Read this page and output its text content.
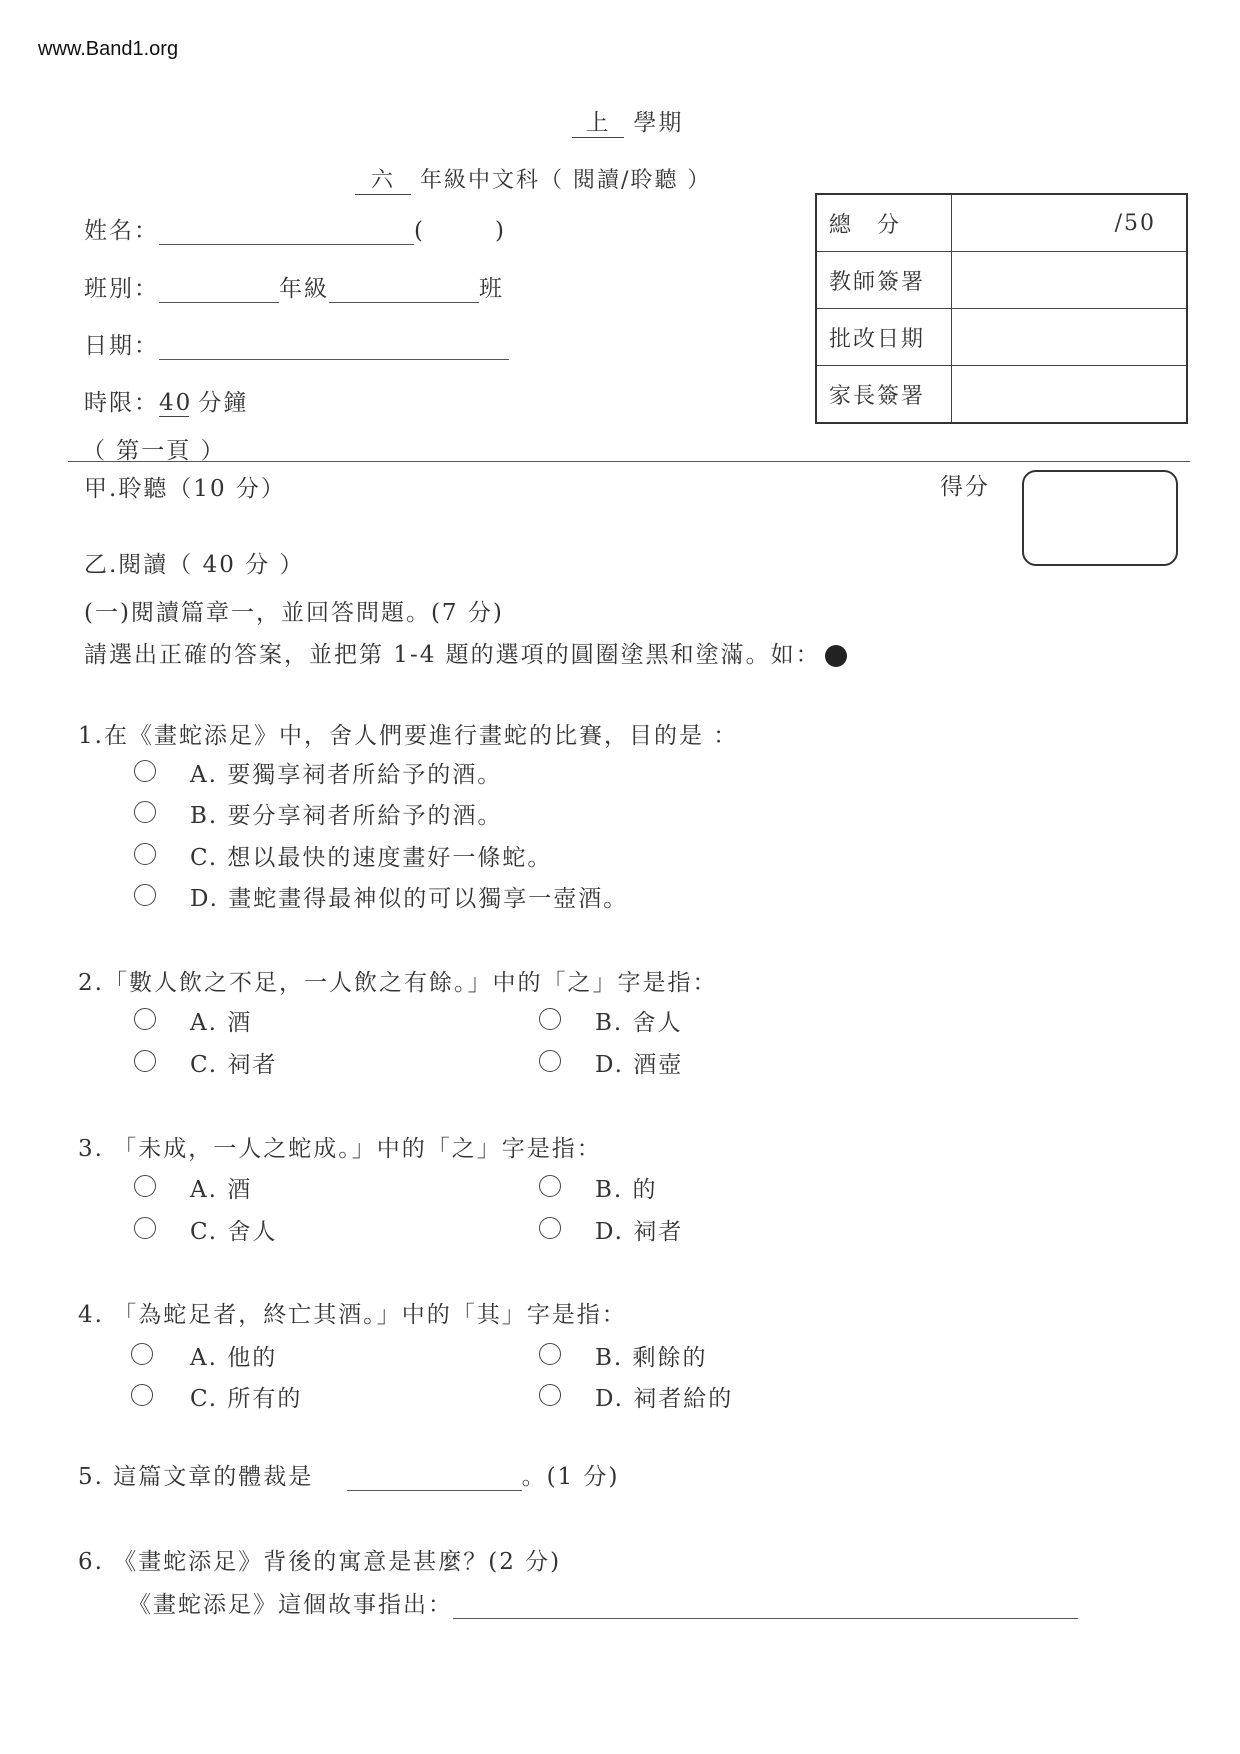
www.Band1.org
上 學期
六 年級中文科（ 閱讀/聆聽 ）
姓名：	(	)
班別：	年級	班
日期：
時限：40 分鐘
（ 第一頁 ）
總　分	/50
教師簽署	
批改日期	
家長簽署	
甲.聆聽（10 分）	得分
乙.閱讀（ 40 分 ）
(一)閱讀篇章一，並回答問題。(7 分)
請選出正確的答案，並把第 1-4 題的選項的圓圈塗黑和塗滿。如：
1.在《畫蛇添足》中，舍人們要進行畫蛇的比賽，目的是 ：
A. 要獨享祠者所給予的酒。
B. 要分享祠者所給予的酒。
C. 想以最快的速度畫好一條蛇。
D. 畫蛇畫得最神似的可以獨享一壺酒。
2.「數人飲之不足，一人飲之有餘。」中的「之」字是指：
A. 酒	B. 舍人
C. 祠者	D. 酒壺
3. 「未成，一人之蛇成。」中的「之」字是指：
A. 酒	B. 的
C. 舍人	D. 祠者
4. 「為蛇足者，終亡其酒。」中的「其」字是指：
A. 他的	B. 剩餘的
C. 所有的	D. 祠者給的
5. 這篇文章的體裁是	。(1 分)
6. 《畫蛇添足》背後的寓意是甚麼？(2 分)
《畫蛇添足》這個故事指出：
